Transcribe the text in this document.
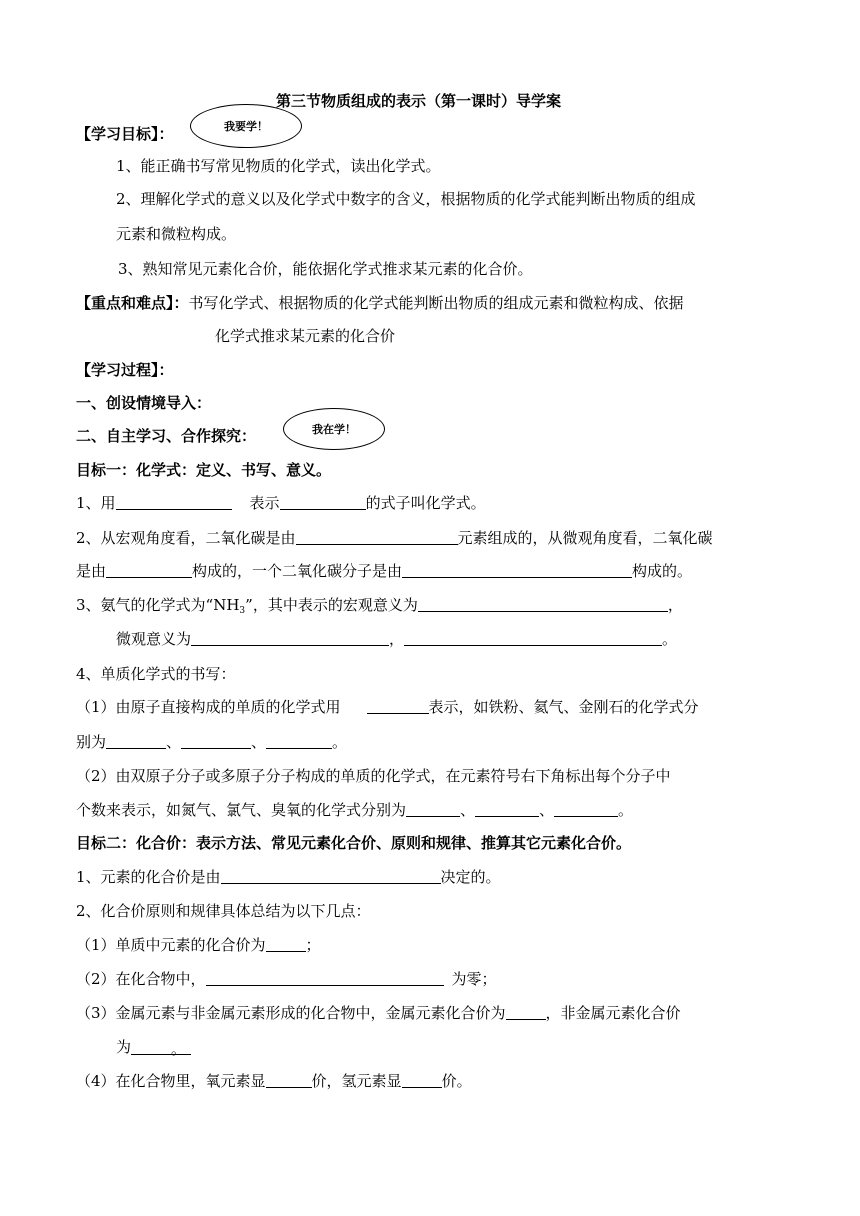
第三节物质组成的表示（第一课时）导学案
我要学！
【学习目标】：
1、能正确书写常见物质的化学式，读出化学式。
2、理解化学式的意义以及化学式中数字的含义，根据物质的化学式能判断出物质的组成
元素和微粒构成。
3、熟知常见元素化合价，能依据化学式推求某元素的化合价。
【重点和难点】：书写化学式、根据物质的化学式能判断出物质的组成元素和微粒构成、依据
化学式推求某元素的化合价
【学习过程】：
一、创设情境导入：
二、自主学习、合作探究：	我在学！
目标一：化学式：定义、书写、意义。
1、用	表示	的式子叫化学式。
2、从宏观角度看，二氧化碳是由	元素组成的，从微观角度看，二氧化碳
是由	构成的，一个二氧化碳分子是由	构成的。
3、氨气的化学式为“$NH_3$”，其中表示的宏观意义为	，
微观意义为	，	。
4、单质化学式的书写：
（1）由原子直接构成的单质的化学式用	表示，如铁粉、氦气、金刚石的化学式分
别为	、	、	。
（2）由双原子分子或多原子分子构成的单质的化学式，在元素符号右下角标出每个分子中
个数来表示，如氮气、氯气、臭氧的化学式分别为	、	、	。
目标二：化合价：表示方法、常见元素化合价、原则和规律、推算其它元素化合价。
1、元素的化合价是由	决定的。
2、化合价原则和规律具体总结为以下几点：
（1）单质中元素的化合价为	；
（2）在化合物中，	为零；
（3）金属元素与非金属元素形成的化合物中，金属元素化合价为	，非金属元素化合价
为	。
（4）在化合物里，氧元素显	价，氢元素显	价。
